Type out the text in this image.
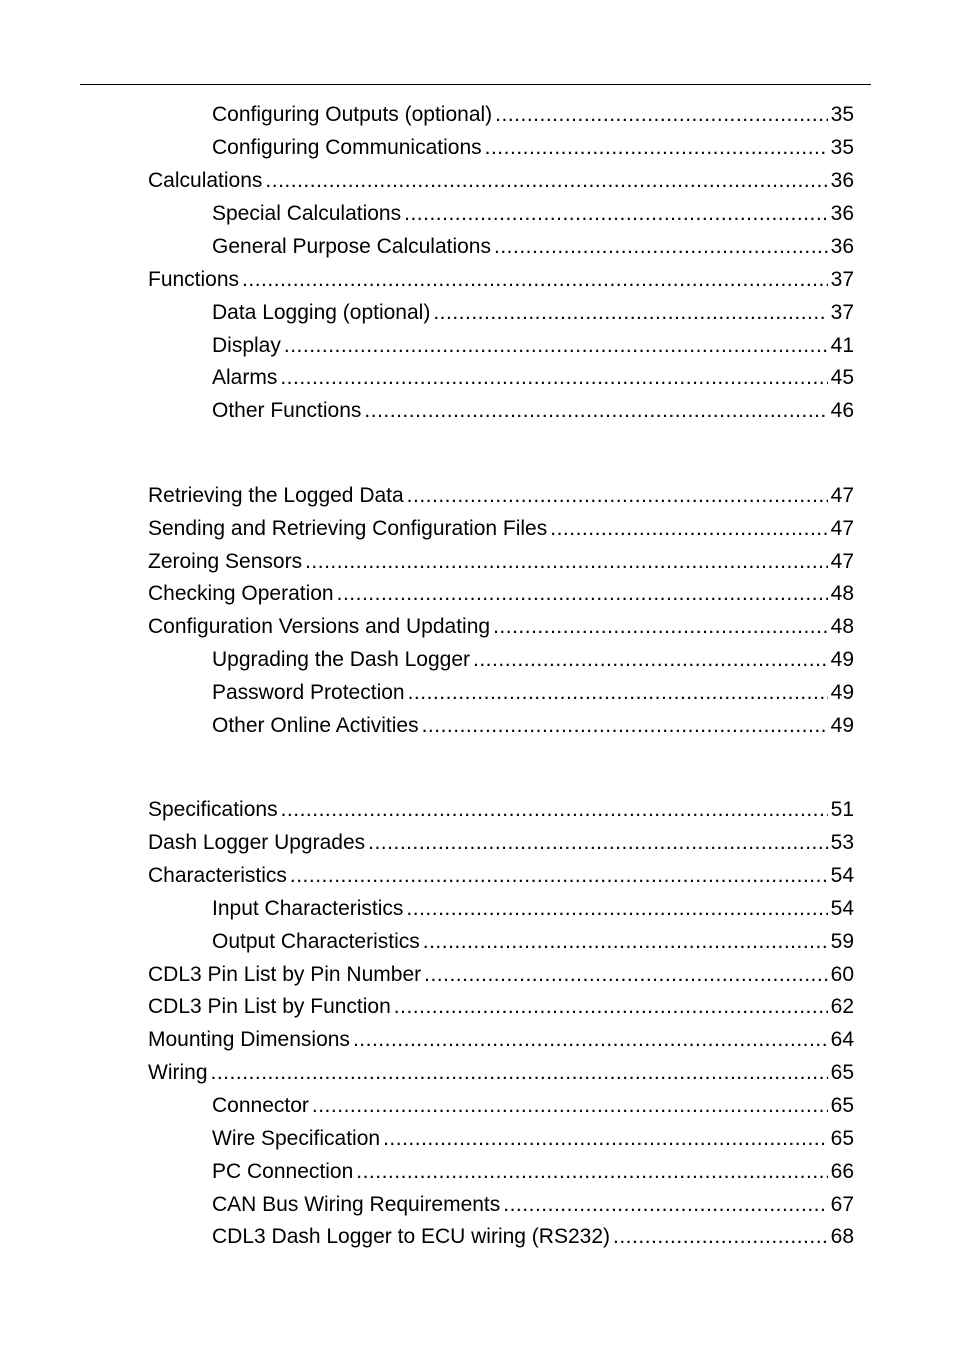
Configuring Outputs (optional) .....	35
Configuring Communications .....	35
Calculations .....	36
Special Calculations .....	36
General Purpose Calculations .....	36
Functions .....	37
Data Logging (optional) .....	37
Display .....	41
Alarms .....	45
Other Functions .....	46
Retrieving the Logged Data .....	47
Sending and Retrieving Configuration Files .....	47
Zeroing Sensors .....	47
Checking Operation .....	48
Configuration Versions and Updating .....	48
Upgrading the Dash Logger .....	49
Password Protection .....	49
Other Online Activities .....	49
Specifications .....	51
Dash Logger Upgrades .....	53
Characteristics .....	54
Input Characteristics .....	54
Output Characteristics .....	59
CDL3 Pin List by Pin Number .....	60
CDL3 Pin List by Function .....	62
Mounting Dimensions .....	64
Wiring .....	65
Connector .....	65
Wire Specification .....	65
PC Connection .....	66
CAN Bus Wiring Requirements .....	67
CDL3 Dash Logger to ECU wiring (RS232) .....	68
